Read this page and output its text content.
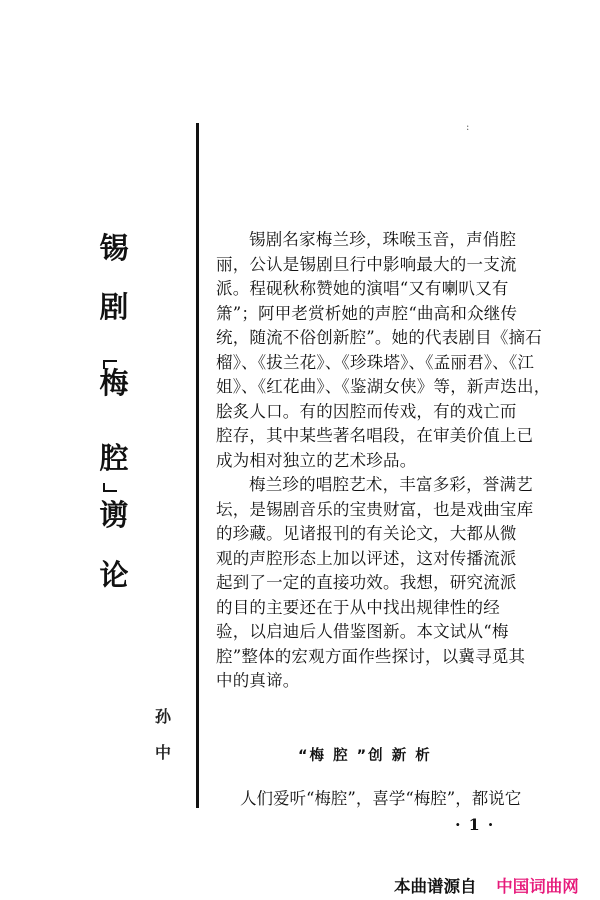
:
锡
剧
梅
腔
谫
论
孙
中
锡剧名家梅兰珍，珠喉玉音，声俏腔
丽，公认是锡剧旦行中影响最大的一支流
派。程砚秋称赞她的演唱“又有喇叭又有
箫”；阿甲老赏析她的声腔“曲高和众继传
统，随流不俗创新腔”。她的代表剧目《摘石
榴》、《拔兰花》、《珍珠塔》、《孟丽君》、《江
姐》、《红花曲》、《鉴湖女侠》等，新声迭出，
脍炙人口。有的因腔而传戏，有的戏亡而
腔存，其中某些著名唱段，在审美价值上已
成为相对独立的艺术珍品。
梅兰珍的唱腔艺术，丰富多彩，誉满艺
坛，是锡剧音乐的宝贵财富，也是戏曲宝库
的珍藏。见诸报刊的有关论文，大都从微
观的声腔形态上加以评述，这对传播流派
起到了一定的直接功效。我想，研究流派
的目的主要还在于从中找出规律性的经
验，以启迪后人借鉴图新。本文试从“梅
腔”整体的宏观方面作些探讨，以冀寻觅其
中的真谛。
“梅 腔 ”创 新 析
人们爱听“梅腔”，喜学“梅腔”，都说它
·1·
本曲谱源自 中国词曲网
